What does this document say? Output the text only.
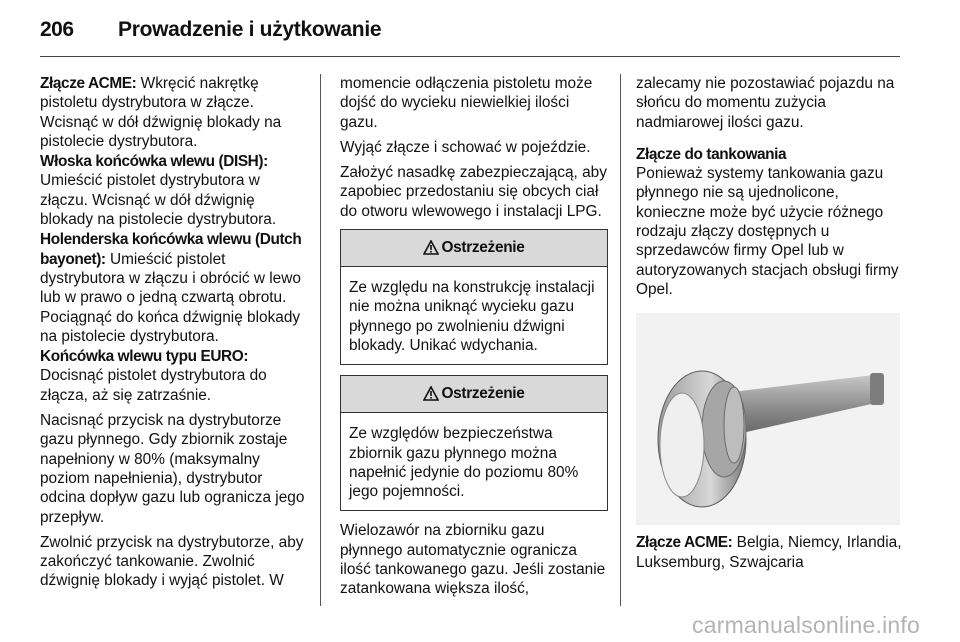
206 Prowadzenie i użytkowanie

Złącze ACME: Wkręcić nakrętkę pistoletu dystrybutora w złącze. Wcisnąć w dół dźwignię blokady na pistolecie dystrybutora.

Włoska końcówka wlewu (DISH): Umieścić pistolet dystrybutora w złączu. Wcisnąć w dół dźwignię blokady na pistolecie dystrybutora.

Holenderska końcówka wlewu (Dutch bayonet): Umieścić pistolet dystrybutora w złączu i obrócić w lewo lub w prawo o jedną czwartą obrotu. Pociągnąć do końca dźwignię blokady na pistolecie dystrybutora.

Końcówka wlewu typu EURO: Docisnąć pistolet dystrybutora do złącza, aż się zatrzaśnie.

Nacisnąć przycisk na dystrybutorze gazu płynnego. Gdy zbiornik zostaje napełniony w 80% (maksymalny poziom napełnienia), dystrybutor odcina dopływ gazu lub ogranicza jego przepływ.

Zwolnić przycisk na dystrybutorze, aby zakończyć tankowanie. Zwolnić dźwignię blokady i wyjąć pistolet. W

momencie odłączenia pistoletu może dojść do wycieku niewielkiej ilości gazu.

Wyjąć złącze i schować w pojeździe.

Założyć nasadkę zabezpieczającą, aby zapobiec przedostaniu się obcych ciał do otworu wlewowego i instalacji LPG.

Ostrzeżenie
Ze względu na konstrukcję instalacji nie można uniknąć wycieku gazu płynnego po zwolnieniu dźwigni blokady. Unikać wdychania.
Ostrzeżenie
Ze względów bezpieczeństwa zbiornik gazu płynnego można napełnić jedynie do poziomu 80% jego pojemności.

Wielozawór na zbiorniku gazu płynnego automatycznie ogranicza ilość tankowanego gazu. Jeśli zostanie zatankowana większa ilość,

zalecamy nie pozostawiać pojazdu na słońcu do momentu zużycia nadmiarowej ilości gazu.

Złącze do tankowania

Ponieważ systemy tankowania gazu płynnego nie są ujednolicone, konieczne może być użycie różnego rodzaju złączy dostępnych u sprzedawców firmy Opel lub w autoryzowanych stacjach obsługi firmy Opel.

Złącze ACME: Belgia, Niemcy, Irlandia, Luksemburg, Szwajcaria

carmanualsonline.info
